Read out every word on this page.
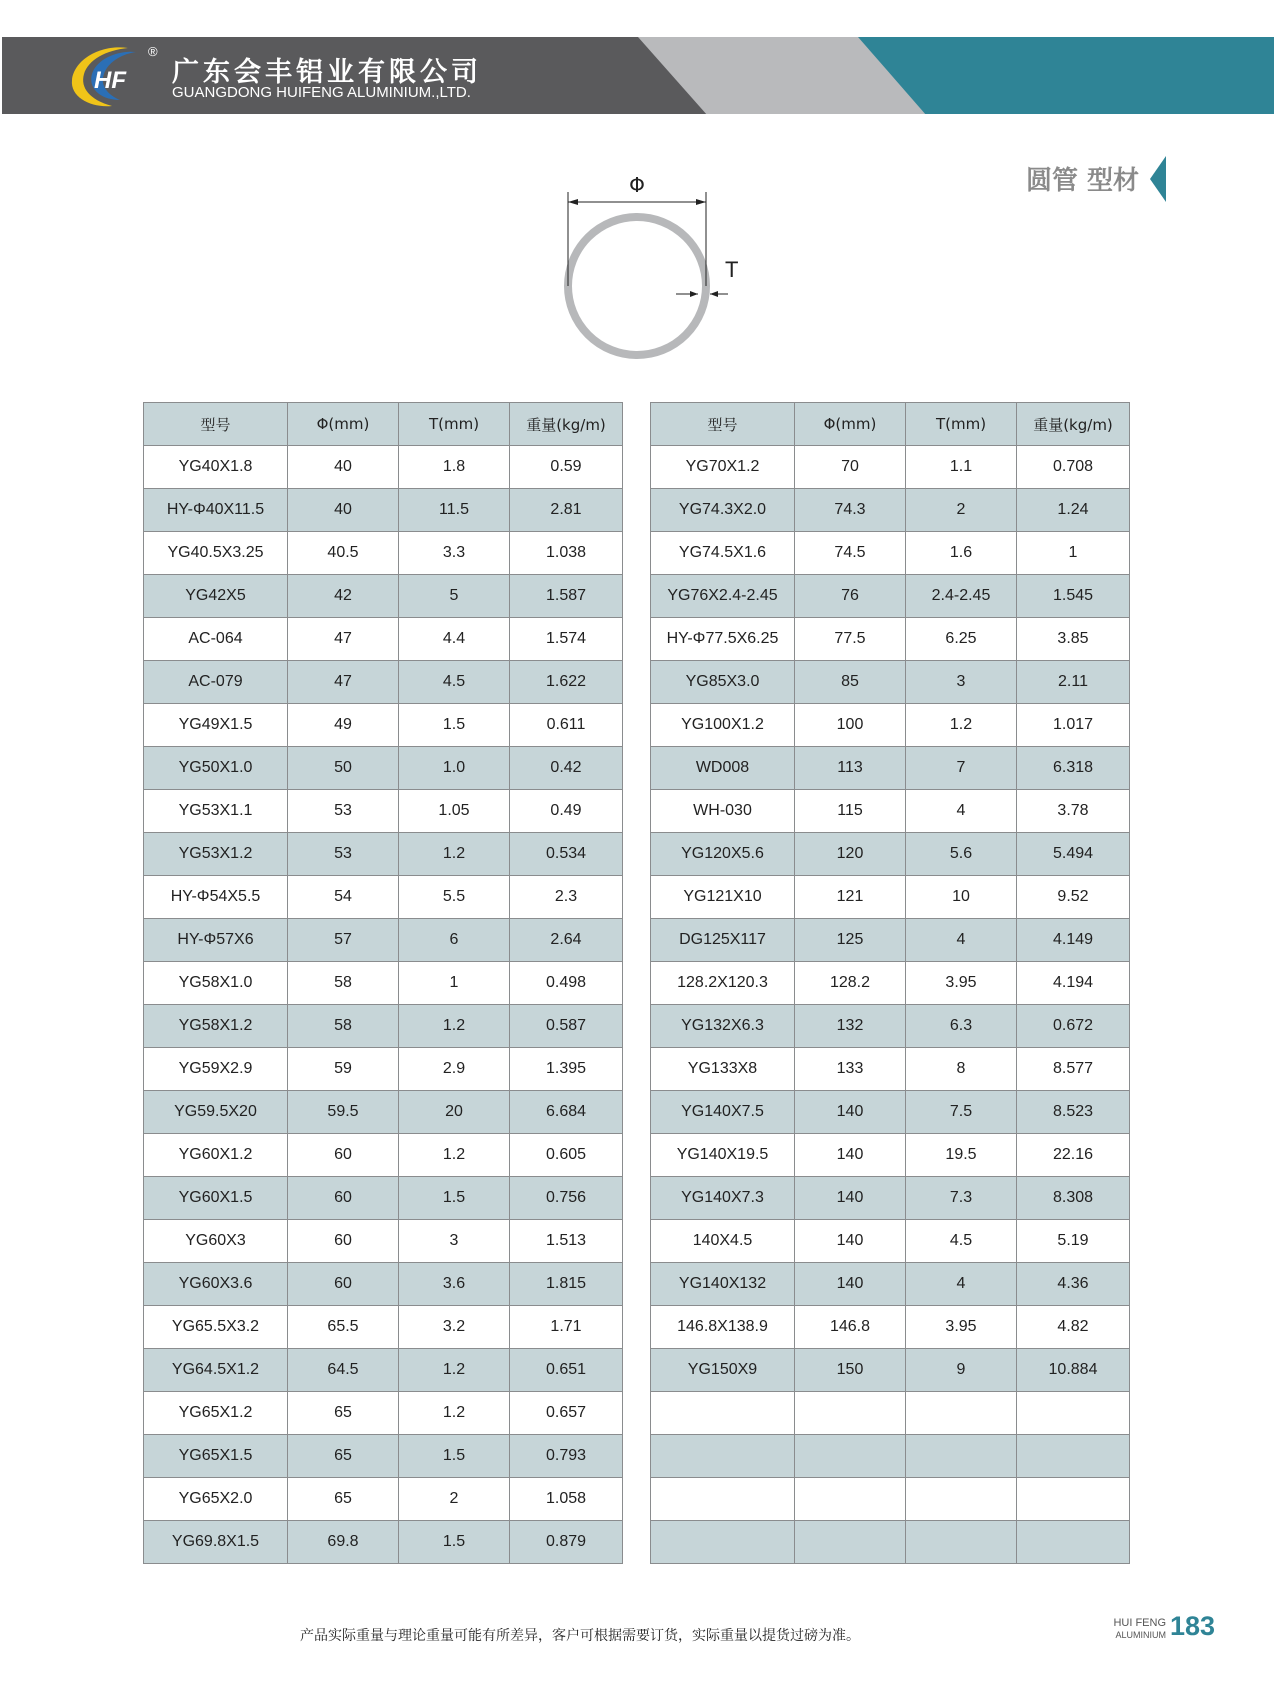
HF
®
广东会丰铝业有限公司
GUANGDONG HUIFENG ALUMINIUM.,LTD.
圆管 型材
Φ
T
型号	Φ(mm)	T(mm)	重量(kg/m)
YG40X1.8	40	1.8	0.59
HY-Φ40X11.5	40	11.5	2.81
YG40.5X3.25	40.5	3.3	1.038
YG42X5	42	5	1.587
AC-064	47	4.4	1.574
AC-079	47	4.5	1.622
YG49X1.5	49	1.5	0.611
YG50X1.0	50	1.0	0.42
YG53X1.1	53	1.05	0.49
YG53X1.2	53	1.2	0.534
HY-Φ54X5.5	54	5.5	2.3
HY-Φ57X6	57	6	2.64
YG58X1.0	58	1	0.498
YG58X1.2	58	1.2	0.587
YG59X2.9	59	2.9	1.395
YG59.5X20	59.5	20	6.684
YG60X1.2	60	1.2	0.605
YG60X1.5	60	1.5	0.756
YG60X3	60	3	1.513
YG60X3.6	60	3.6	1.815
YG65.5X3.2	65.5	3.2	1.71
YG64.5X1.2	64.5	1.2	0.651
YG65X1.2	65	1.2	0.657
YG65X1.5	65	1.5	0.793
YG65X2.0	65	2	1.058
YG69.8X1.5	69.8	1.5	0.879
型号	Φ(mm)	T(mm)	重量(kg/m)
YG70X1.2	70	1.1	0.708
YG74.3X2.0	74.3	2	1.24
YG74.5X1.6	74.5	1.6	1
YG76X2.4-2.45	76	2.4-2.45	1.545
HY-Φ77.5X6.25	77.5	6.25	3.85
YG85X3.0	85	3	2.11
YG100X1.2	100	1.2	1.017
WD008	113	7	6.318
WH-030	115	4	3.78
YG120X5.6	120	5.6	5.494
YG121X10	121	10	9.52
DG125X117	125	4	4.149
128.2X120.3	128.2	3.95	4.194
YG132X6.3	132	6.3	0.672
YG133X8	133	8	8.577
YG140X7.5	140	7.5	8.523
YG140X19.5	140	19.5	22.16
YG140X7.3	140	7.3	8.308
140X4.5	140	4.5	5.19
YG140X132	140	4	4.36
146.8X138.9	146.8	3.95	4.82
YG150X9	150	9	10.884

产品实际重量与理论重量可能有所差异，客户可根据需要订货，实际重量以提货过磅为准。
HUI FENG
ALUMINIUM 183
